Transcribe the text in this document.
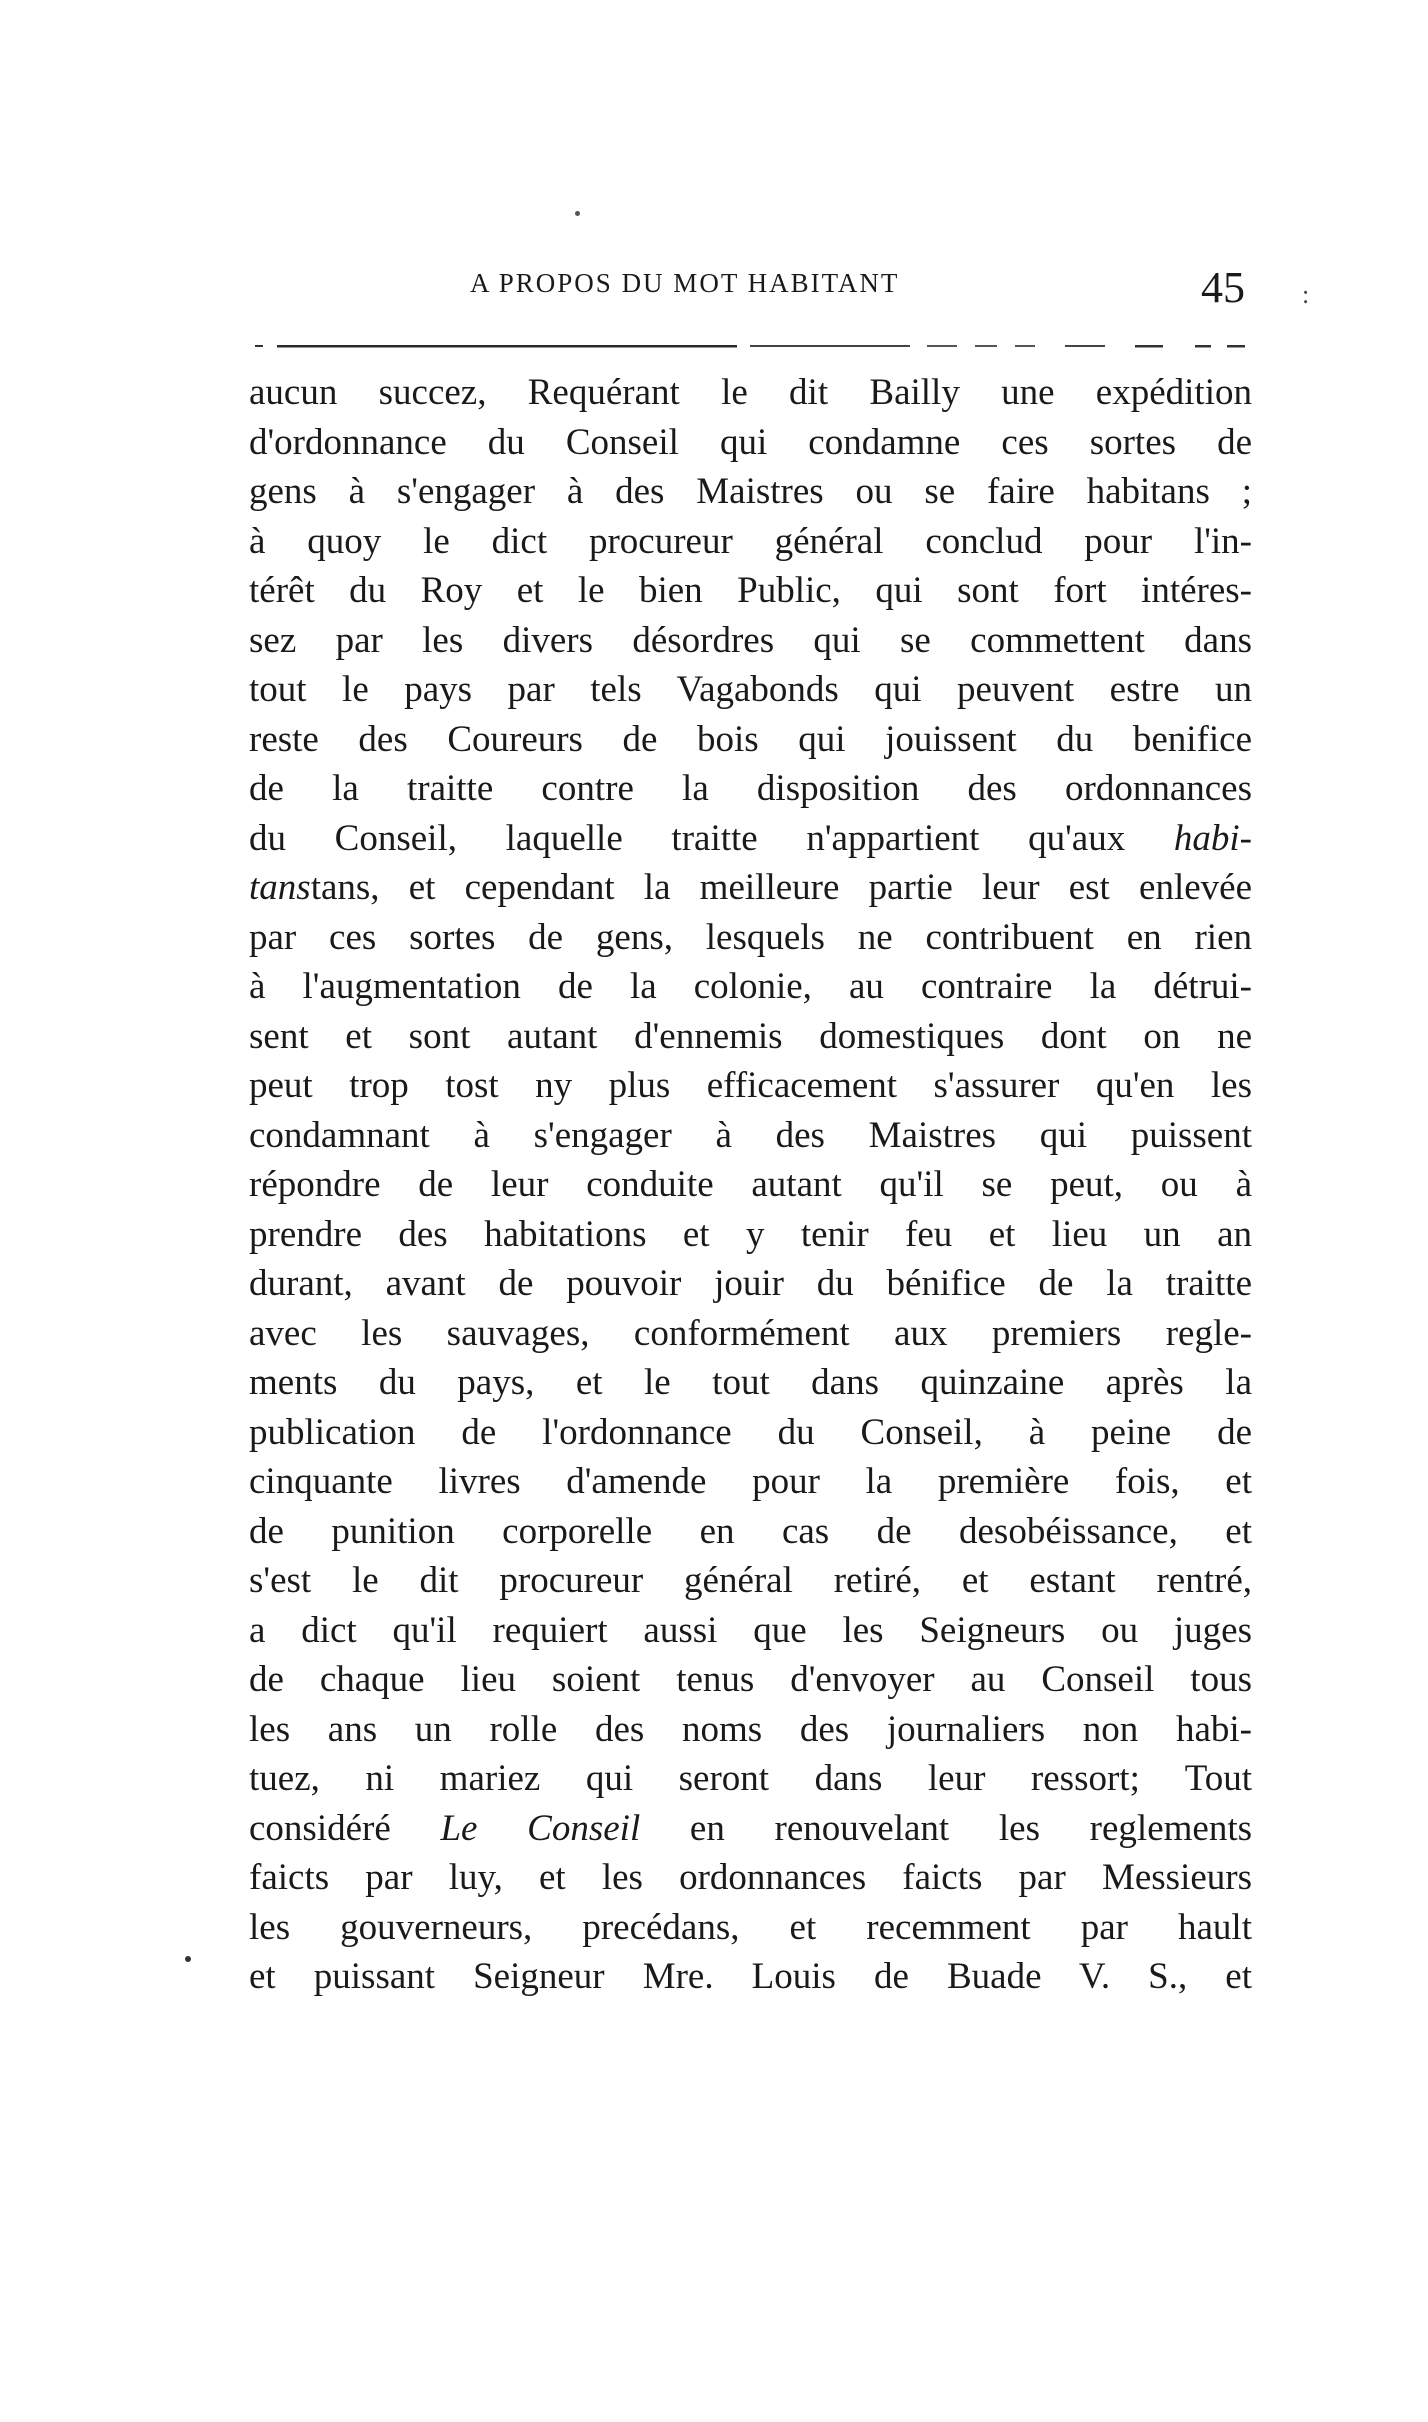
A PROPOS DU MOT HABITANT	45 :
aucun succez, Requérant le dit Bailly une expédition
d'ordonnance du Conseil qui condamne ces sortes de
gens à s'engager à des Maistres ou se faire habitans ;
à quoy le dict procureur général conclud pour l'in-
térêt du Roy et le bien Public, qui sont fort intéres-
sez par les divers désordres qui se commettent dans
tout le pays par tels Vagabonds qui peuvent estre un
reste des Coureurs de bois qui jouissent du benifice
de la traitte contre la disposition des ordonnances
du Conseil, laquelle traitte n'appartient qu'aux habi-
tanstans, et cependant la meilleure partie leur est enlevée
par ces sortes de gens, lesquels ne contribuent en rien
à l'augmentation de la colonie, au contraire la détrui-
sent et sont autant d'ennemis domestiques dont on ne
peut trop tost ny plus efficacement s'assurer qu'en les
condamnant à s'engager à des Maistres qui puissent
répondre de leur conduite autant qu'il se peut, ou à
prendre des habitations et y tenir feu et lieu un an
durant, avant de pouvoir jouir du bénifice de la traitte
avec les sauvages, conformément aux premiers regle-
ments du pays, et le tout dans quinzaine après la
publication de l'ordonnance du Conseil, à peine de
cinquante livres d'amende pour la première fois, et
de punition corporelle en cas de desobéissance, et
s'est le dit procureur général retiré, et estant rentré,
a dict qu'il requiert aussi que les Seigneurs ou juges
de chaque lieu soient tenus d'envoyer au Conseil tous
les ans un rolle des noms des journaliers non habi-
tuez, ni mariez qui seront dans leur ressort; Tout
considéré Le Conseil en renouvelant les reglements
faicts par luy, et les ordonnances faicts par Messieurs
les gouverneurs, precédans, et recemment par hault
et puissant Seigneur Mre. Louis de Buade V. S., et
